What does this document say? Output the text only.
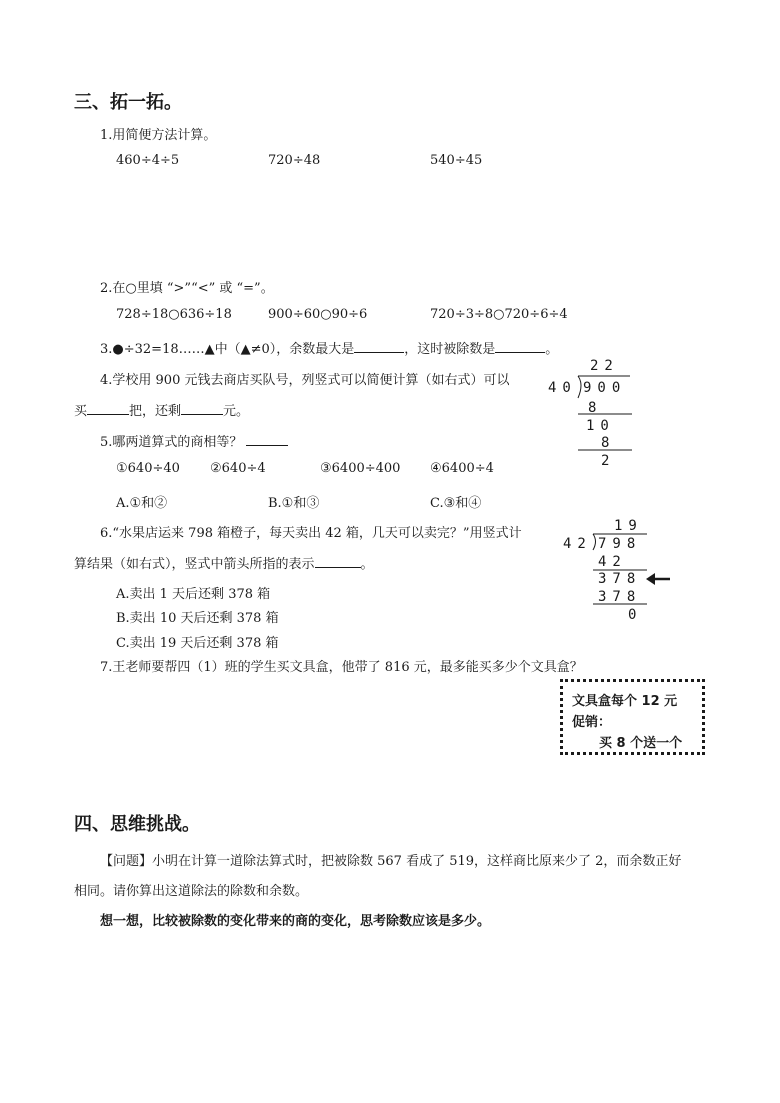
三、拓一拓。
1.用简便方法计算。
460÷4÷5	720÷48	540÷45
2.在○里填 “>”“<” 或 “=”。
728÷18○636÷18	900÷60○90÷6	720÷3÷8○720÷6÷4
3.●÷32=18……▲中（▲≠0），余数最大是	，这时被除数是	。
4.学校用 900 元钱去商店买队号，列竖式可以简便计算（如右式）可以
买	把，还剩	元。
5.哪两道算式的商相等？
①640÷40 ②640÷4	③6400÷400 ④6400÷4
A.①和②	B.①和③	C.③和④
6.“水果店运来 798 箱橙子，每天卖出 42 箱，几天可以卖完？”用竖式计
算结果（如右式），竖式中箭头所指的表示	。
A.卖出 1 天后还剩 378 箱
B.卖出 10 天后还剩 378 箱
C.卖出 19 天后还剩 378 箱
7.王老师要帮四（1）班的学生买文具盒，他带了 816 元，最多能买多少个文具盒？
22
40 900
8
10
8
2
19
42 798
42
378
378
0
文具盒每个 12 元
促销：
买 8 个送一个
四、思维挑战。
【问题】小明在计算一道除法算式时，把被除数 567 看成了 519，这样商比原来少了 2，而余数正好
相同。请你算出这道除法的除数和余数。
想一想，比较被除数的变化带来的商的变化，思考除数应该是多少。
